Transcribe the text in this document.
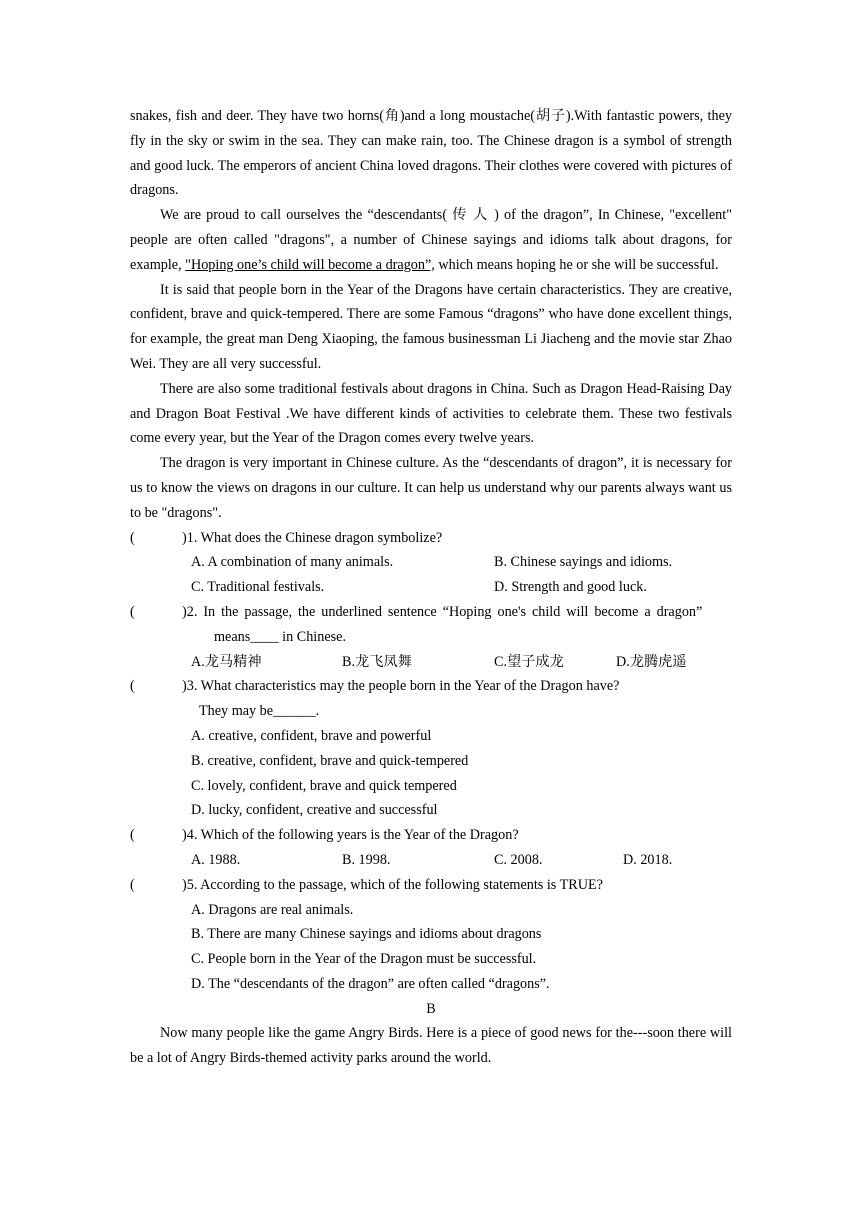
snakes, fish and deer. They have two horns(角)and a long moustache(胡子).With fantastic powers, they fly in the sky or swim in the sea. They can make rain, too. The Chinese dragon is a symbol of strength and good luck. The emperors of ancient China loved dragons. Their clothes were covered with pictures of dragons.

We are proud to call ourselves the “descendants( 传 人 ) of the dragon”, In Chinese, "excellent" people are often called "dragons", a number of Chinese sayings and idioms talk about dragons, for example, "Hoping one’s child will become a dragon”, which means hoping he or she will be successful.

It is said that people born in the Year of the Dragons have certain characteristics. They are creative, confident, brave and quick-tempered. There are some Famous “dragons” who have done excellent things, for example, the great man Deng Xiaoping, the famous businessman Li Jiacheng and the movie star Zhao Wei. They are all very successful.

There are also some traditional festivals about dragons in China. Such as Dragon Head-Raising Day and Dragon Boat Festival .We have different kinds of activities to celebrate them. These two festivals come every year, but the Year of the Dragon comes every twelve years.

The dragon is very important in Chinese culture. As the “descendants of dragon”, it is necessary for us to know the views on dragons in our culture. It can help us understand why our parents always want us to be "dragons".

(	)1. What does the Chinese dragon symbolize?
A. A combination of many animals.	B. Chinese sayings and idioms.
C. Traditional festivals.	D. Strength and good luck.
(	)2. In the passage, the underlined sentence “Hoping one's child will become a dragon”

means____ in Chinese.

A.龙马精神	B.龙飞凤舞	C.望子成龙	D.龙腾虎遥
(	)3. What characteristics may the people born in the Year of the Dragon have?

They may be______.

A. creative, confident, brave and powerful

B. creative, confident, brave and quick-tempered

C. lovely, confident, brave and quick tempered

D. lucky, confident, creative and successful

(	)4. Which of the following years is the Year of the Dragon?
A. 1988.	B. 1998.	C. 2008.	D. 2018.
(	)5. According to the passage, which of the following statements is TRUE?

A. Dragons are real animals.

B. There are many Chinese sayings and idioms about dragons

C. People born in the Year of the Dragon must be successful.

D. The “descendants of the dragon” are often called “dragons”.

B

Now many people like the game Angry Birds. Here is a piece of good news for the---soon there will be a lot of Angry Birds-themed activity parks around the world.
